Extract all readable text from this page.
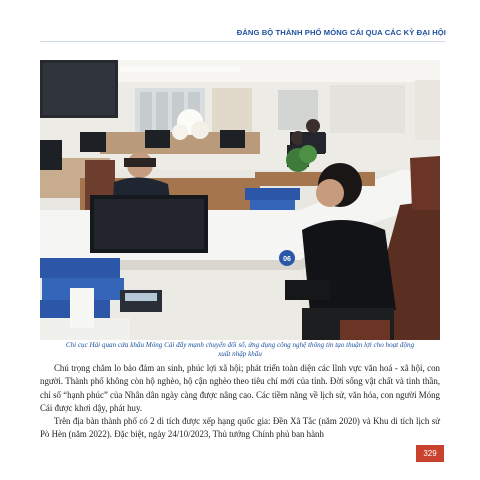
ĐẢNG BỘ THÀNH PHỐ MÓNG CÁI QUA CÁC KỲ ĐẠI HỘI
06
Chi cục Hải quan cửa khẩu Móng Cái đẩy mạnh chuyển đổi số, ứng dụng công nghệ thông tin tạo thuận lợi cho hoạt động
xuất nhập khẩu

Chú trọng chăm lo bảo đảm an sinh, phúc lợi xã hội; phát triển toàn diện các lĩnh vực văn hoá - xã hội, con người. Thành phố không còn hộ nghèo, hộ cận nghèo theo tiêu chí mới của tỉnh. Đời sống vật chất và tinh thần, chỉ số “hạnh phúc” của Nhân dân ngày càng được nâng cao. Các tiềm năng về lịch sử, văn hóa, con người Móng Cái được khơi dậy, phát huy.

Trên địa bàn thành phố có 2 di tích được xếp hạng quốc gia: Đền Xã Tắc (năm 2020) và Khu di tích lịch sử Pò Hèn (năm 2022). Đặc biệt, ngày 24/10/2023, Thủ tướng Chính phủ ban hành

329
